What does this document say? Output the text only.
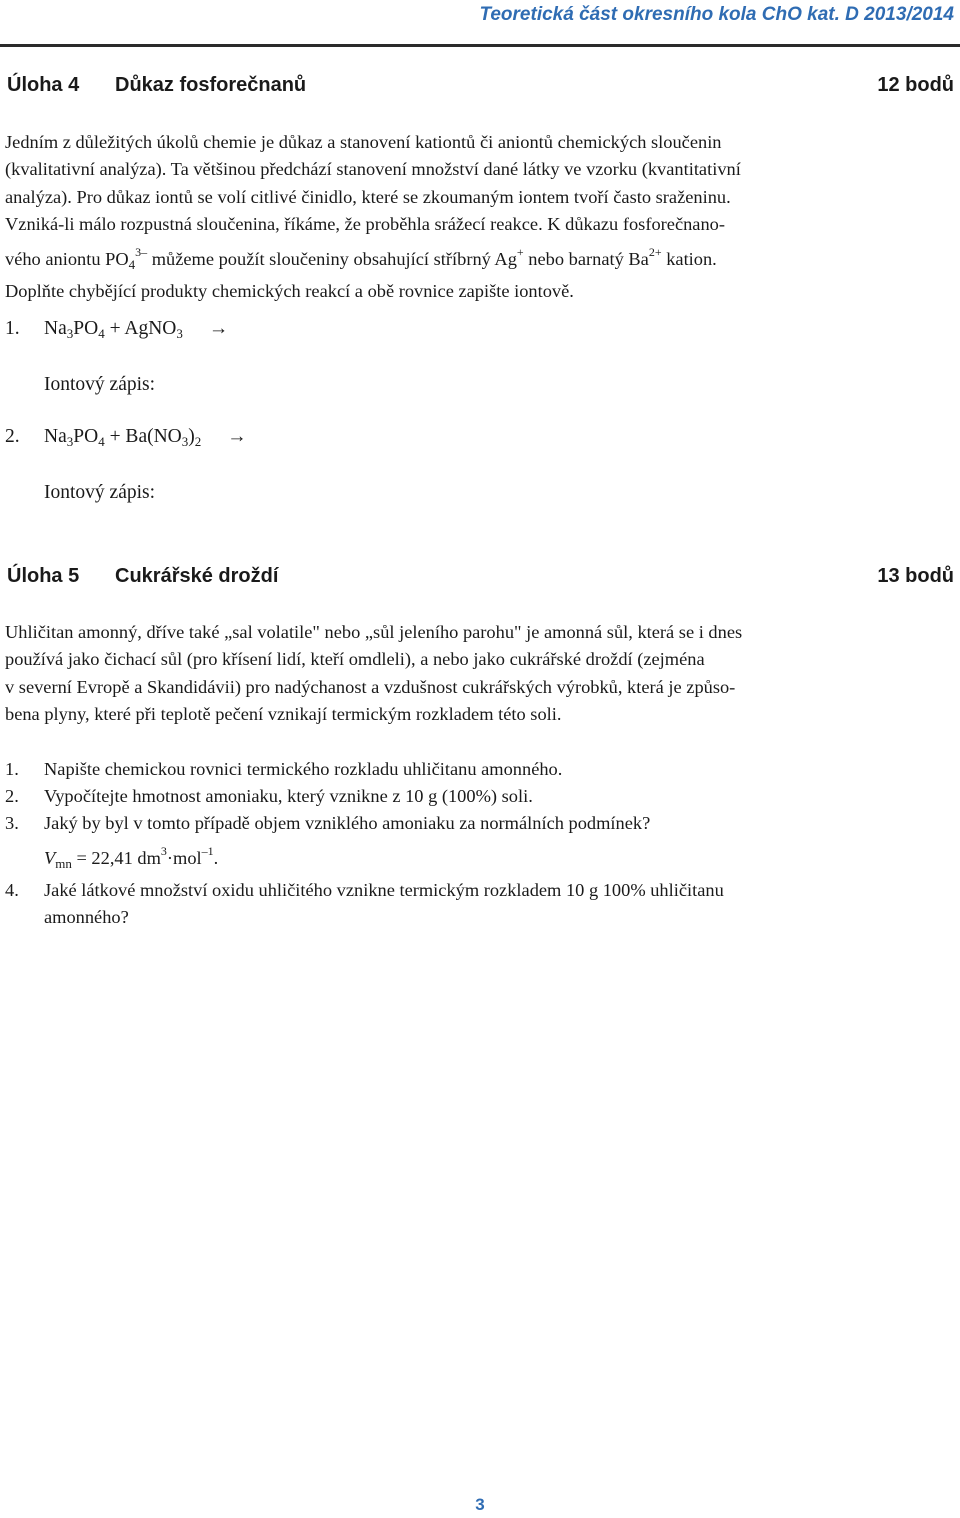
Teoretická část okresního kola ChO kat. D 2013/2014
Úloha 4 Důkaz fosforečnanů	12 bodů
Jedním z důležitých úkolů chemie je důkaz a stanovení kationtů či aniontů chemických sloučenin
(kvalitativní analýza). Ta většinou předchází stanovení množství dané látky ve vzorku (kvantitativní
analýza). Pro důkaz iontů se volí citlivé činidlo, které se zkoumaným iontem tvoří často sraženinu.
Vzniká-li málo rozpustná sloučenina, říkáme, že proběhla srážecí reakce. K důkazu fosforečnano-
vého aniontu $PO_4^{3-}$ můžeme použít sloučeniny obsahující stříbrný Ag+ nebo barnatý $Ba^{2+}$ kation.
Doplňte chybějící produkty chemických reakcí a obě rovnice zapište iontově.
1. $Na_3PO_4$ + AgNO$_3$ →
Iontový zápis:
2. $Na_3PO_4 + Ba(NO_3)_2$ →
Iontový zápis:
Úloha 5 Cukrářské droždí	13 bodů
Uhličitan amonný, dříve také „sal volatile" nebo „sůl jeleního parohu" je amonná sůl, která se i dnes
používá jako čichací sůl (pro křísení lidí, kteří omdleli), a nebo jako cukrářské droždí (zejména
v severní Evropě a Skandidávii) pro nadýchanost a vzdušnost cukrářských výrobků, která je způso-
bena plyny, které při teplotě pečení vznikají termickým rozkladem této soli.
1. Napište chemickou rovnici termického rozkladu uhličitanu amonného.
2. Vypočítejte hmotnost amoniaku, který vznikne z 10 g (100%) soli.
3. Jaký by byl v tomto případě objem vzniklého amoniaku za normálních podmínek?
$V_{mn} = 22,41$ $dm^3\cdot mol^{-1}$.
4. Jaké látkové množství oxidu uhličitého vznikne termickým rozkladem 10 g 100% uhličitanu
amonného?
3
